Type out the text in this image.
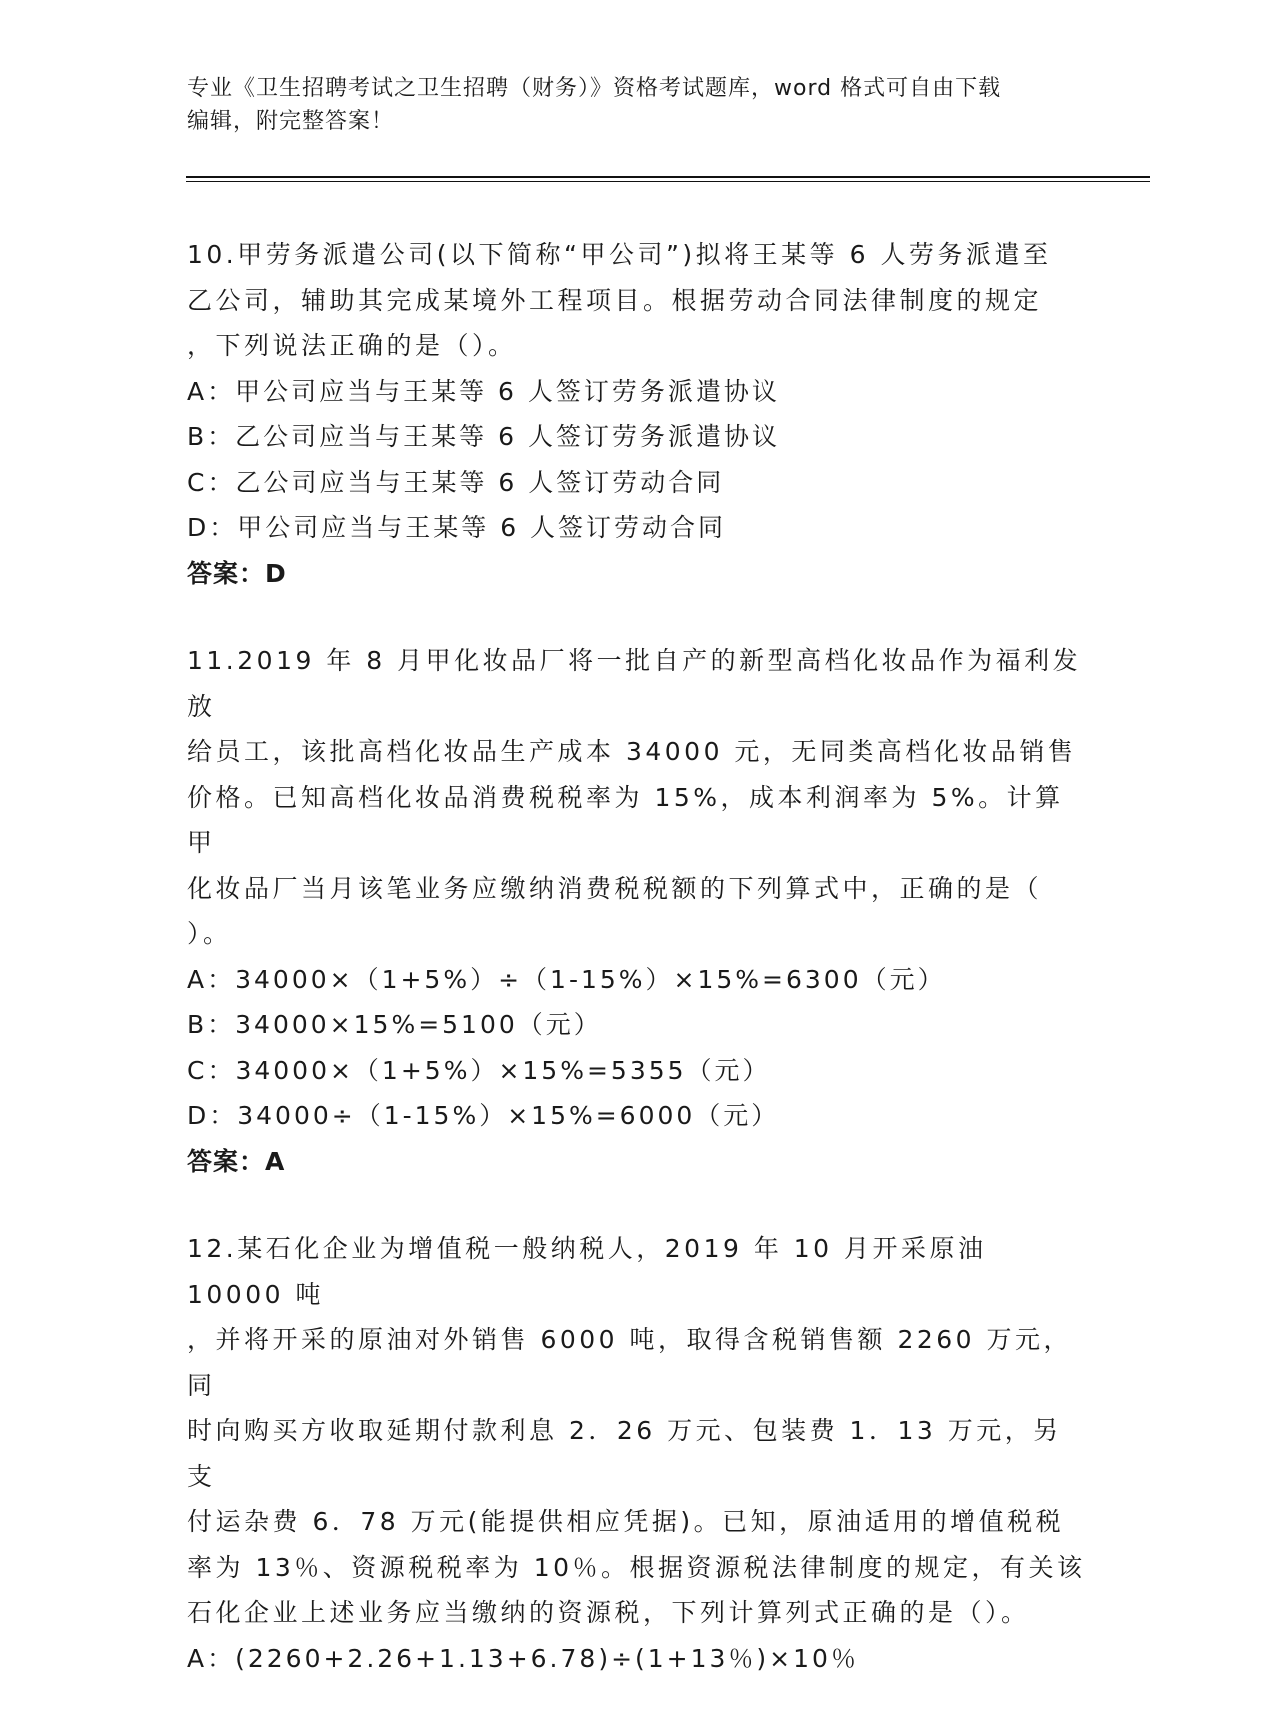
专业《卫生招聘考试之卫生招聘（财务）》资格考试题库，word 格式可自由下载
编辑，附完整答案！

10.甲劳务派遣公司(以下简称“甲公司”)拟将王某等 6 人劳务派遣至

乙公司，辅助其完成某境外工程项目。根据劳动合同法律制度的规定

，下列说法正确的是（）。

A：甲公司应当与王某等 6 人签订劳务派遣协议

B：乙公司应当与王某等 6 人签订劳务派遣协议

C：乙公司应当与王某等 6 人签订劳动合同

D：甲公司应当与王某等 6 人签订劳动合同

答案：D

11.2019 年 8 月甲化妆品厂将一批自产的新型高档化妆品作为福利发放

给员工，该批高档化妆品生产成本 34000 元，无同类高档化妆品销售

价格。已知高档化妆品消费税税率为 15%，成本利润率为 5%。计算甲

化妆品厂当月该笔业务应缴纳消费税税额的下列算式中，正确的是（

）。

A：34000×（1+5%）÷（1-15%）×15%=6300（元）

B：34000×15%=5100（元）

C：34000×（1+5%）×15%=5355（元）

D：34000÷（1-15%）×15%=6000（元）

答案：A

12.某石化企业为增值税一般纳税人，2019 年 10 月开采原油 10000 吨

，并将开采的原油对外销售 6000 吨，取得含税销售额 2260 万元，同

时向购买方收取延期付款利息 2．26 万元、包装费 1．13 万元，另支

付运杂费 6．78 万元(能提供相应凭据)。已知，原油适用的增值税税

率为 13％、资源税税率为 10％。根据资源税法律制度的规定，有关该

石化企业上述业务应当缴纳的资源税，下列计算列式正确的是（）。

A：(2260+2.26+1.13+6.78)÷(1+13％)×10％
